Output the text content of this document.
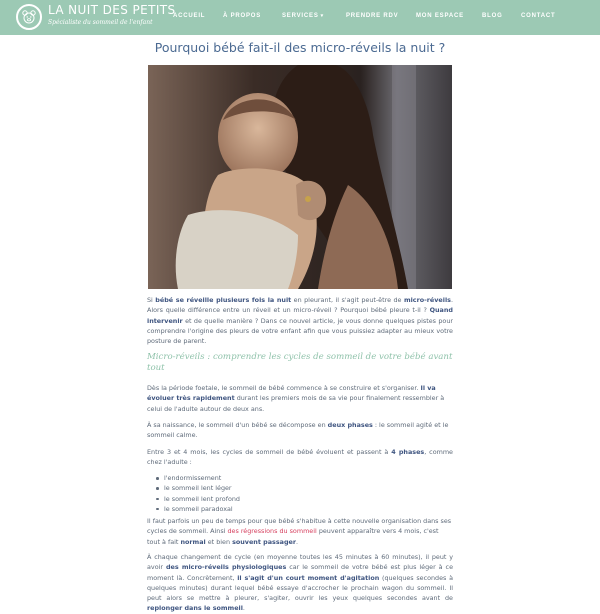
LA NUIT DES PETITS
Spécialiste du sommeil de l'enfant
ACCUEIL	À PROPOS	SERVICES ▾	PRENDRE RDV	MON ESPACE	BLOG	CONTACT
Pourquoi bébé fait-il des micro-réveils la nuit ?
Si bébé se réveille plusieurs fois la nuit en pleurant, il s'agit peut-être de micro-réveils. Alors quelle différence entre un réveil et un micro-réveil ? Pourquoi bébé pleure t-il ? Quand intervenir et de quelle manière ? Dans ce nouvel article, je vous donne quelques pistes pour comprendre l'origine des pleurs de votre enfant afin que vous puissiez adapter au mieux votre posture de parent.
Micro-réveils : comprendre les cycles de sommeil de votre bébé avant tout
Dès la période foetale, le sommeil de bébé commence à se construire et s'organiser. Il va évoluer très rapidement durant les premiers mois de sa vie pour finalement ressembler à celui de l'adulte autour de deux ans.
À sa naissance, le sommeil d'un bébé se décompose en deux phases : le sommeil agité et le sommeil calme.
Entre 3 et 4 mois, les cycles de sommeil de bébé évoluent et passent à 4 phases, comme chez l'adulte :
l'endormissement
le sommeil lent léger
le sommeil lent profond
le sommeil paradoxal
Il faut parfois un peu de temps pour que bébé s'habitue à cette nouvelle organisation dans ses cycles de sommeil. Ainsi des régressions du sommeil peuvent apparaître vers 4 mois, c'est tout à fait normal et bien souvent passager.
À chaque changement de cycle (en moyenne toutes les 45 minutes à 60 minutes), il peut y avoir des micro-réveils physiologiques car le sommeil de votre bébé est plus léger à ce moment là. Concrètement, il s'agit d'un court moment d'agitation (quelques secondes à quelques minutes) durant lequel bébé essaye d'accrocher le prochain wagon du sommeil. Il peut alors se mettre à pleurer, s'agiter, ouvrir les yeux quelques secondes avant de replonger dans le sommeil.
